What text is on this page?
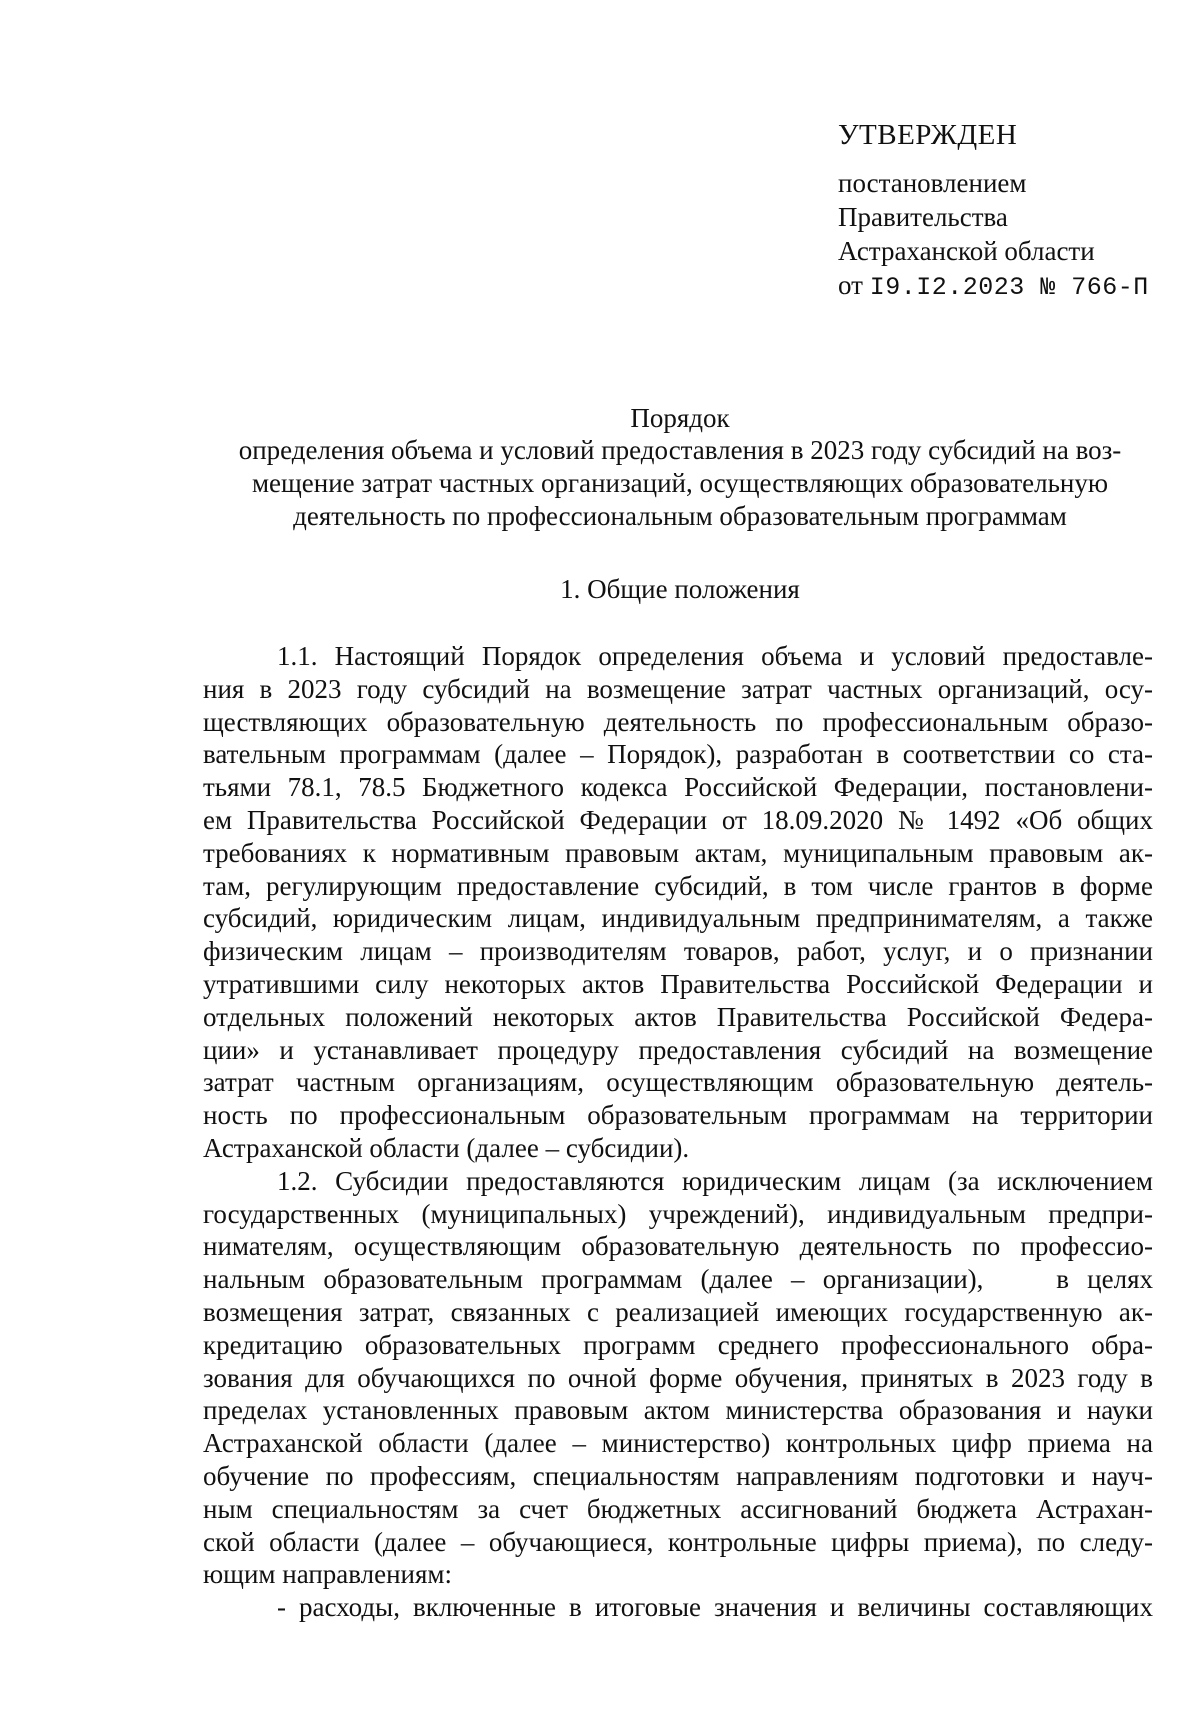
УТВЕРЖДЕН

постановлением

Правительства

Астраханской области

от I9.I2.2023 № 766-П

Порядок

определения объема и условий предоставления в 2023 году субсидий на воз-

мещение затрат частных организаций, осуществляющих образовательную

деятельность по профессиональным образовательным программам

1. Общие положения

1.1. Настоящий Порядок определения объема и условий предоставле-
ния в 2023 году субсидий на возмещение затрат частных организаций, осу-
ществляющих образовательную деятельность по профессиональным образо-
вательным программам (далее – Порядок), разработан в соответствии со ста-
тьями 78.1, 78.5 Бюджетного кодекса Российской Федерации, постановлени-
ем Правительства Российской Федерации от 18.09.2020 № 1492 «Об общих
требованиях к нормативным правовым актам, муниципальным правовым ак-
там, регулирующим предоставление субсидий, в том числе грантов в форме
субсидий, юридическим лицам, индивидуальным предпринимателям, а также
физическим лицам – производителям товаров, работ, услуг, и о признании
утратившими силу некоторых актов Правительства Российской Федерации и
отдельных положений некоторых актов Правительства Российской Федера-
ции» и устанавливает процедуру предоставления субсидий на возмещение
затрат частным организациям, осуществляющим образовательную деятель-
ность по профессиональным образовательным программам на территории
Астраханской области (далее – субсидии).
1.2. Субсидии предоставляются юридическим лицам (за исключением
государственных (муниципальных) учреждений), индивидуальным предпри-
нимателям, осуществляющим образовательную деятельность по профессио-
нальным образовательным программам (далее – организации),    в целях
возмещения затрат, связанных с реализацией имеющих государственную ак-
кредитацию образовательных программ среднего профессионального обра-
зования для обучающихся по очной форме обучения, принятых в 2023 году в
пределах установленных правовым актом министерства образования и науки
Астраханской области (далее – министерство) контрольных цифр приема на
обучение по профессиям, специальностям направлениям подготовки и науч-
ным специальностям за счет бюджетных ассигнований бюджета Астрахан-
ской области (далее – обучающиеся, контрольные цифры приема), по следу-
ющим направлениям:
- расходы, включенные в итоговые значения и величины составляющих
